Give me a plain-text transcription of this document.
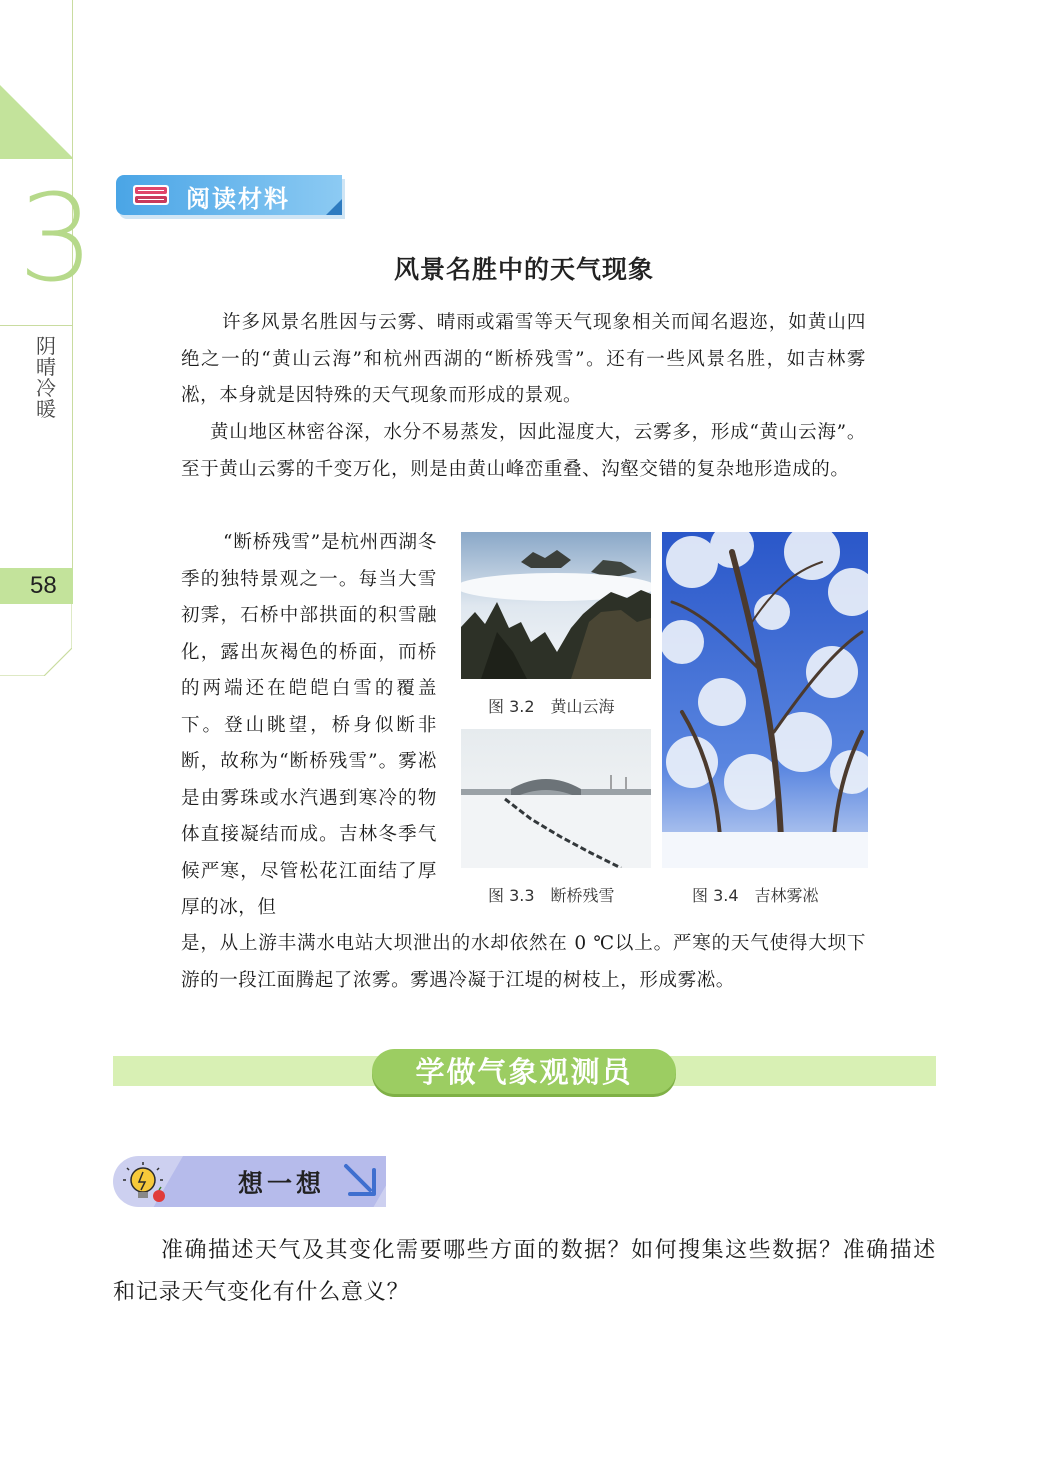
3
阴晴冷暖
58
阅读材料
风景名胜中的天气现象
许多风景名胜因与云雾、晴雨或霜雪等天气现象相关而闻名遐迩，如黄山四绝之一的“黄山云海”和杭州西湖的“断桥残雪”。还有一些风景名胜，如吉林雾凇，本身就是因特殊的天气现象而形成的景观。
黄山地区林密谷深，水分不易蒸发，因此湿度大，云雾多，形成“黄山云海”。至于黄山云雾的千变万化，则是由黄山峰峦重叠、沟壑交错的复杂地形造成的。
“断桥残雪”是杭州西湖冬季的独特景观之一。每当大雪初霁，石桥中部拱面的积雪融化，露出灰褐色的桥面，而桥的两端还在皑皑白雪的覆盖下。登山眺望，桥身似断非断，故称为“断桥残雪”。雾凇是由雾珠或水汽遇到寒冷的物体直接凝结而成。吉林冬季气候严寒，尽管松花江面结了厚厚的冰，但
是，从上游丰满水电站大坝泄出的水却依然在 0 ℃以上。严寒的天气使得大坝下游的一段江面腾起了浓雾。雾遇冷凝于江堤的树枝上，形成雾凇。
图 3.2　黄山云海
图 3.3　断桥残雪	图 3.4　吉林雾凇
学做气象观测员
想一想
准确描述天气及其变化需要哪些方面的数据？如何搜集这些数据？准确描述和记录天气变化有什么意义？
